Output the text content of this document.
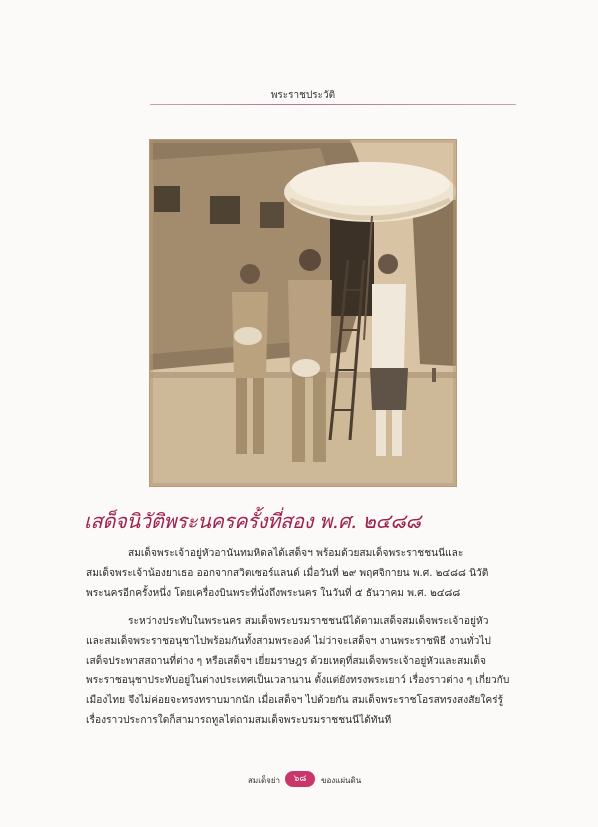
พระราชประวัติ
เสด็จนิวัติพระนครครั้งที่สอง พ.ศ. ๒๔๘๘
สมเด็จพระเจ้าอยู่หัวอานันทมหิดลได้เสด็จฯ พร้อมด้วยสมเด็จพระราชชนนีและ
สมเด็จพระเจ้าน้องยาเธอ ออกจากสวิตเซอร์แลนด์ เมื่อวันที่ ๒๙ พฤศจิกายน พ.ศ. ๒๔๘๘ นิวัติ
พระนครอีกครั้งหนึ่ง โดยเครื่องบินพระที่นั่งถึงพระนคร ในวันที่ ๕ ธันวาคม พ.ศ. ๒๔๘๘
ระหว่างประทับในพระนคร สมเด็จพระบรมราชชนนีได้ตามเสด็จสมเด็จพระเจ้าอยู่หัว
และสมเด็จพระราชอนุชาไปพร้อมกันทั้งสามพระองค์ ไม่ว่าจะเสด็จฯ งานพระราชพิธี งานทั่วไป
เสด็จประพาสสถานที่ต่าง ๆ หรือเสด็จฯ เยี่ยมราษฎร ด้วยเหตุที่สมเด็จพระเจ้าอยู่หัวและสมเด็จ
พระราชอนุชาประทับอยู่ในต่างประเทศเป็นเวลานาน ตั้งแต่ยังทรงพระเยาว์ เรื่องราวต่าง ๆ เกี่ยวกับ
เมืองไทย จึงไม่ค่อยจะทรงทราบมากนัก เมื่อเสด็จฯ ไปด้วยกัน สมเด็จพระราชโอรสทรงสงสัยใคร่รู้
เรื่องราวประการใดก็สามารถทูลไต่ถามสมเด็จพระบรมราชชนนีได้ทันที
สมเด็จย่า	๖๘	ของแผ่นดิน
